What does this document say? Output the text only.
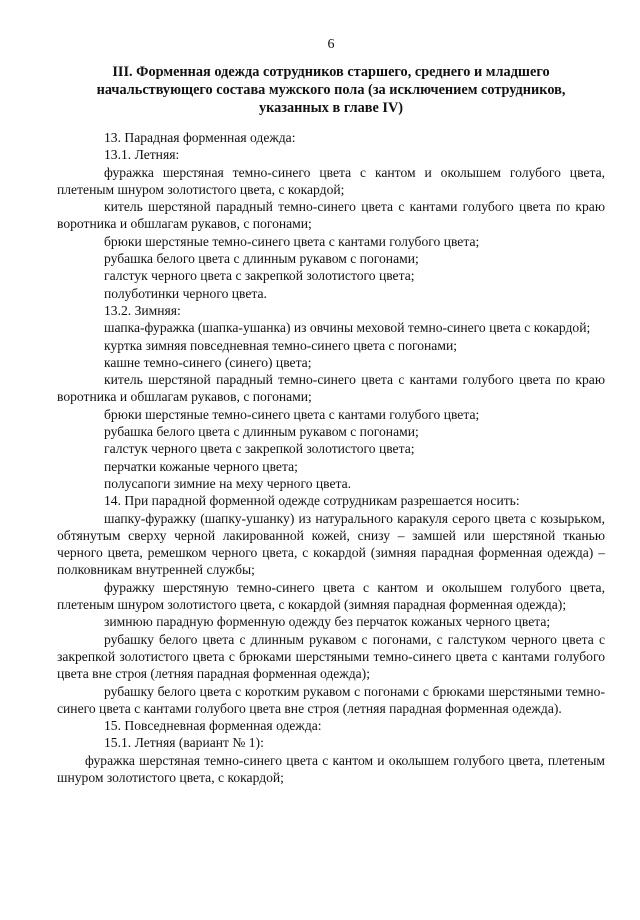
6
III. Форменная одежда сотрудников старшего, среднего и младшего
начальствующего состава мужского пола (за исключением сотрудников,
указанных в главе IV)

13. Парадная форменная одежда:

13.1. Летняя:

фуражка шерстяная темно-синего цвета с кантом и околышем голубого цвета, плетеным шнуром золотистого цвета, с кокардой;

китель шерстяной парадный темно-синего цвета с кантами голубого цвета по краю воротника и обшлагам рукавов, с погонами;

брюки шерстяные темно-синего цвета с кантами голубого цвета;

рубашка белого цвета с длинным рукавом с погонами;

галстук черного цвета с закрепкой золотистого цвета;

полуботинки черного цвета.

13.2. Зимняя:

шапка-фуражка (шапка-ушанка) из овчины меховой темно-синего цвета с кокардой;

куртка зимняя повседневная темно-синего цвета с погонами;

кашне темно-синего (синего) цвета;

китель шерстяной парадный темно-синего цвета с кантами голубого цвета по краю воротника и обшлагам рукавов, с погонами;

брюки шерстяные темно-синего цвета с кантами голубого цвета;

рубашка белого цвета с длинным рукавом с погонами;

галстук черного цвета с закрепкой золотистого цвета;

перчатки кожаные черного цвета;

полусапоги зимние на меху черного цвета.

14. При парадной форменной одежде сотрудникам разрешается носить:

шапку-фуражку (шапку-ушанку) из натурального каракуля серого цвета с козырьком, обтянутым сверху черной лакированной кожей, снизу – замшей или шерстяной тканью черного цвета, ремешком черного цвета, с кокардой (зимняя парадная форменная одежда) – полковникам внутренней службы;

фуражку шерстяную темно-синего цвета с кантом и околышем голубого цвета, плетеным шнуром золотистого цвета, с кокардой (зимняя парадная форменная одежда);

зимнюю парадную форменную одежду без перчаток кожаных черного цвета;

рубашку белого цвета с длинным рукавом с погонами, с галстуком черного цвета с закрепкой золотистого цвета с брюками шерстяными темно-синего цвета с кантами голубого цвета вне строя (летняя парадная форменная одежда);

рубашку белого цвета с коротким рукавом с погонами с брюками шерстяными темно-синего цвета с кантами голубого цвета вне строя (летняя парадная форменная одежда).

15. Повседневная форменная одежда:

15.1. Летняя (вариант № 1):

фуражка шерстяная темно-синего цвета с кантом и околышем голубого цвета, плетеным шнуром золотистого цвета, с кокардой;
